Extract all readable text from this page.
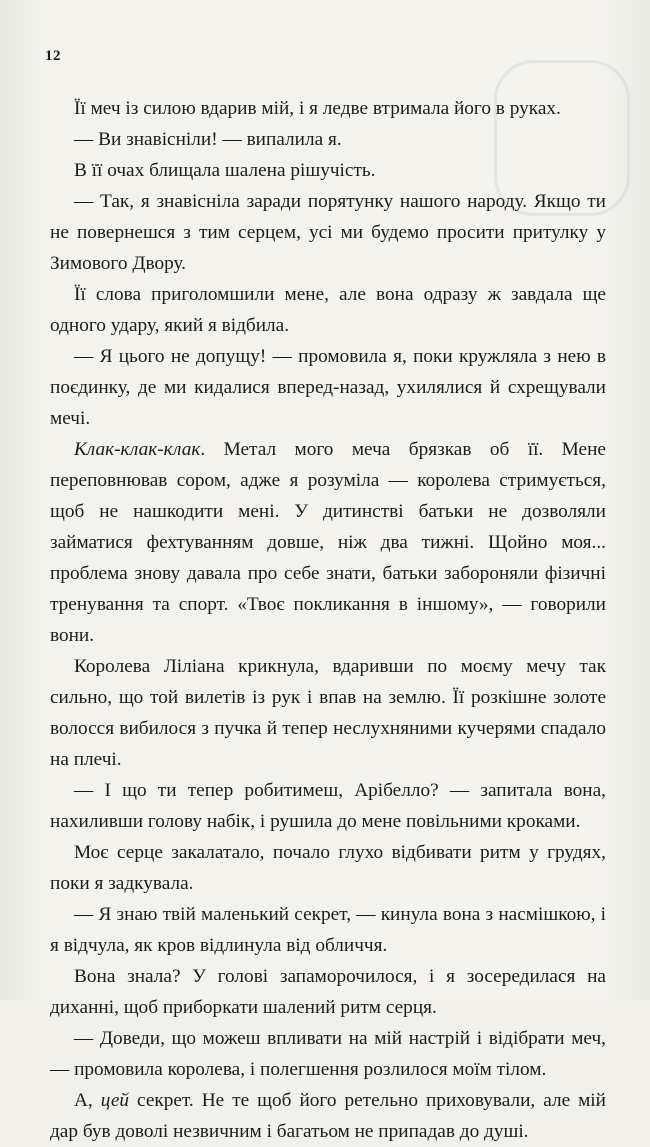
12

Її меч із силою вдарив мій, і я ледве втримала його в руках.

— Ви знавісніли! — випалила я.

В її очах блищала шалена рішучість.

— Так, я знавісніла заради порятунку нашого народу. Якщо ти не повернешся з тим серцем, усі ми будемо просити притулку у Зимового Двору.

Її слова приголомшили мене, але вона одразу ж завдала ще одного удару, який я відбила.

— Я цього не допущу! — промовила я, поки кружляла з нею в поєдинку, де ми кидалися вперед-назад, ухилялися й схрещували мечі.

Клак-клак-клак. Метал мого меча брязкав об її. Мене переповнював сором, адже я розуміла — королева стримується, щоб не нашкодити мені. У дитинстві батьки не дозволяли займатися фехтуванням довше, ніж два тижні. Щойно моя... проблема знову давала про себе знати, батьки забороняли фізичні тренування та спорт. «Твоє покликання в іншому», — говорили вони.

Королева Ліліана крикнула, вдаривши по моєму мечу так сильно, що той вилетів із рук і впав на землю. Її розкішне золоте волосся вибилося з пучка й тепер неслухняними кучерями спадало на плечі.

— І що ти тепер робитимеш, Арібелло? — запитала вона, нахиливши голову набік, і рушила до мене повільними кроками.

Моє серце закалатало, почало глухо відбивати ритм у грудях, поки я задкувала.

— Я знаю твій маленький секрет, — кинула вона з насмішкою, і я відчула, як кров відлинула від обличчя.

Вона знала? У голові запаморочилося, і я зосередилася на диханні, щоб приборкати шалений ритм серця.

— Доведи, що можеш впливати на мій настрій і відібрати меч, — промовила королева, і полегшення розлилося моїм тілом.

А, цей секрет. Не те щоб його ретельно приховували, але мій дар був доволі незвичним і багатьом не припадав до душі.
